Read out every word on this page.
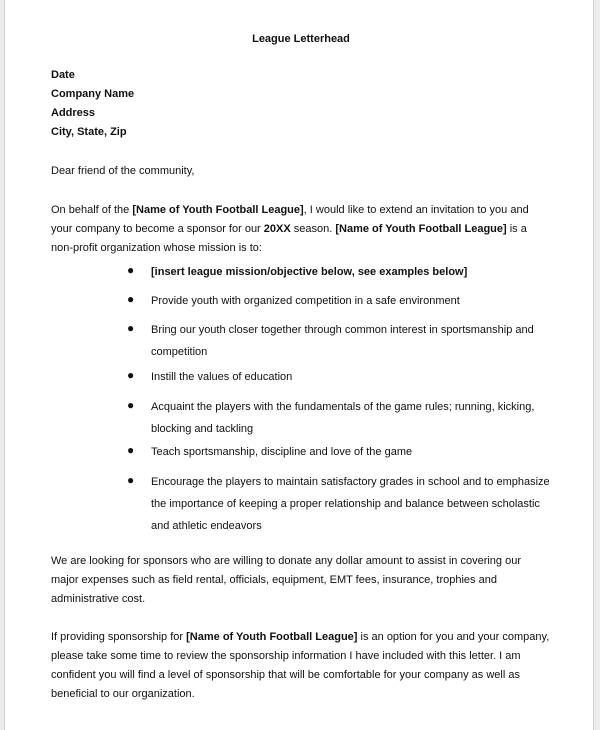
League Letterhead
Date
Company Name
Address
City, State, Zip
Dear friend of the community,
On behalf of the [Name of Youth Football League], I would like to extend an invitation to you and your company to become a sponsor for our 20XX season. [Name of Youth Football League] is a non-profit organization whose mission is to:
● [insert league mission/objective below, see examples below]
● Provide youth with organized competition in a safe environment
● Bring our youth closer together through common interest in sportsmanship and competition
● Instill the values of education
● Acquaint the players with the fundamentals of the game rules; running, kicking, blocking and tackling
● Teach sportsmanship, discipline and love of the game
● Encourage the players to maintain satisfactory grades in school and to emphasize the importance of keeping a proper relationship and balance between scholastic and athletic endeavors
We are looking for sponsors who are willing to donate any dollar amount to assist in covering our major expenses such as field rental, officials, equipment, EMT fees, insurance, trophies and administrative cost.
If providing sponsorship for [Name of Youth Football League] is an option for you and your company, please take some time to review the sponsorship information I have included with this letter. I am confident you will find a level of sponsorship that will be comfortable for your company as well as beneficial to our organization.
